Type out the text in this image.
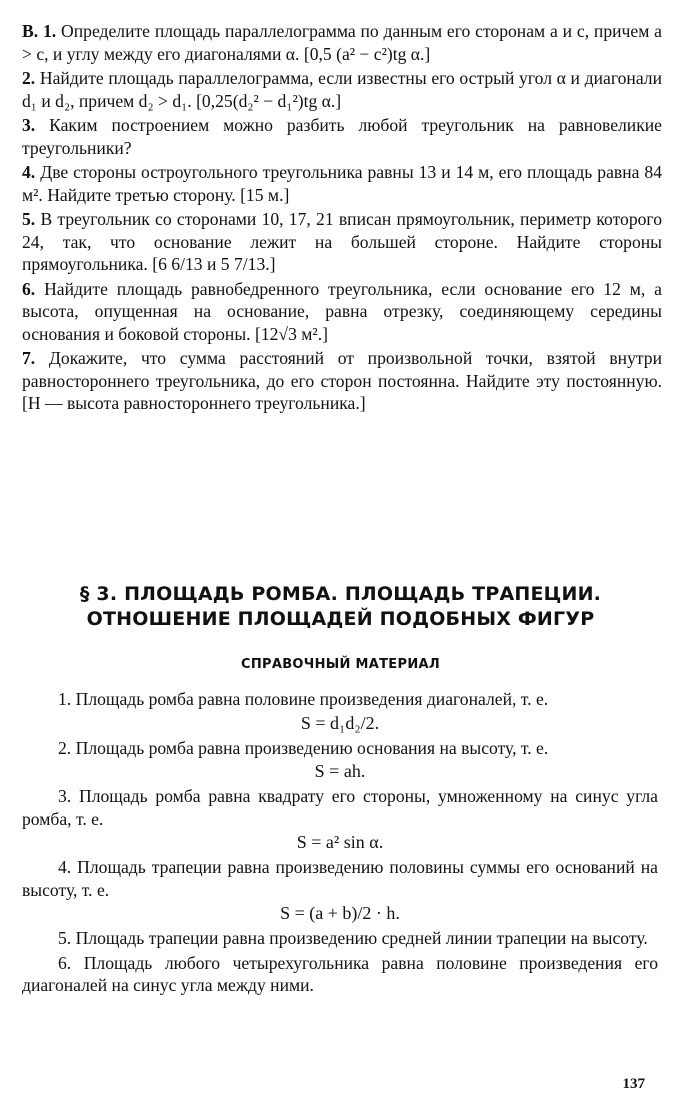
В. 1. Определите площадь параллелограмма по данным его сторонам a и c, причем a > c, и углу между его диагоналями α. [0,5 (a² − c²)tg α.]

2. Найдите площадь параллелограмма, если известны его острый угол α и диагонали d₁ и d₂, причем d₂ > d₁. [0,25(d₂² − d₁²)tg α.]

3. Каким построением можно разбить любой треугольник на равновеликие треугольники?

4. Две стороны остроугольного треугольника равны 13 и 14 м, его площадь равна 84 м². Найдите третью сторону. [15 м.]

5. В треугольник со сторонами 10, 17, 21 вписан прямоугольник, периметр которого 24, так, что основание лежит на большей стороне. Найдите стороны прямоугольника. [6 6/13 и 5 7/13.]

6. Найдите площадь равнобедренного треугольника, если основание его 12 м, а высота, опущенная на основание, равна отрезку, соединяющему середины основания и боковой стороны. [12√3 м².]

7. Докажите, что сумма расстояний от произвольной точки, взятой внутри равностороннего треугольника, до его сторон постоянна. Найдите эту постоянную. [H — высота равностороннего треугольника.]

§ 3. ПЛОЩАДЬ РОМБА. ПЛОЩАДЬ ТРАПЕЦИИ.
ОТНОШЕНИЕ ПЛОЩАДЕЙ ПОДОБНЫХ ФИГУР
СПРАВОЧНЫЙ МАТЕРИАЛ

1. Площадь ромба равна половине произведения диагоналей, т. е.

S = d₁d₂/2.

2. Площадь ромба равна произведению основания на высоту, т. е.

S = ah.

3. Площадь ромба равна квадрату его стороны, умноженному на синус угла ромба, т. е.

S = a² sin α.

4. Площадь трапеции равна произведению половины суммы его оснований на высоту, т. е.

S = (a + b)/2 · h.

5. Площадь трапеции равна произведению средней линии трапеции на высоту.

6. Площадь любого четырехугольника равна половине произведения его диагоналей на синус угла между ними.

137
